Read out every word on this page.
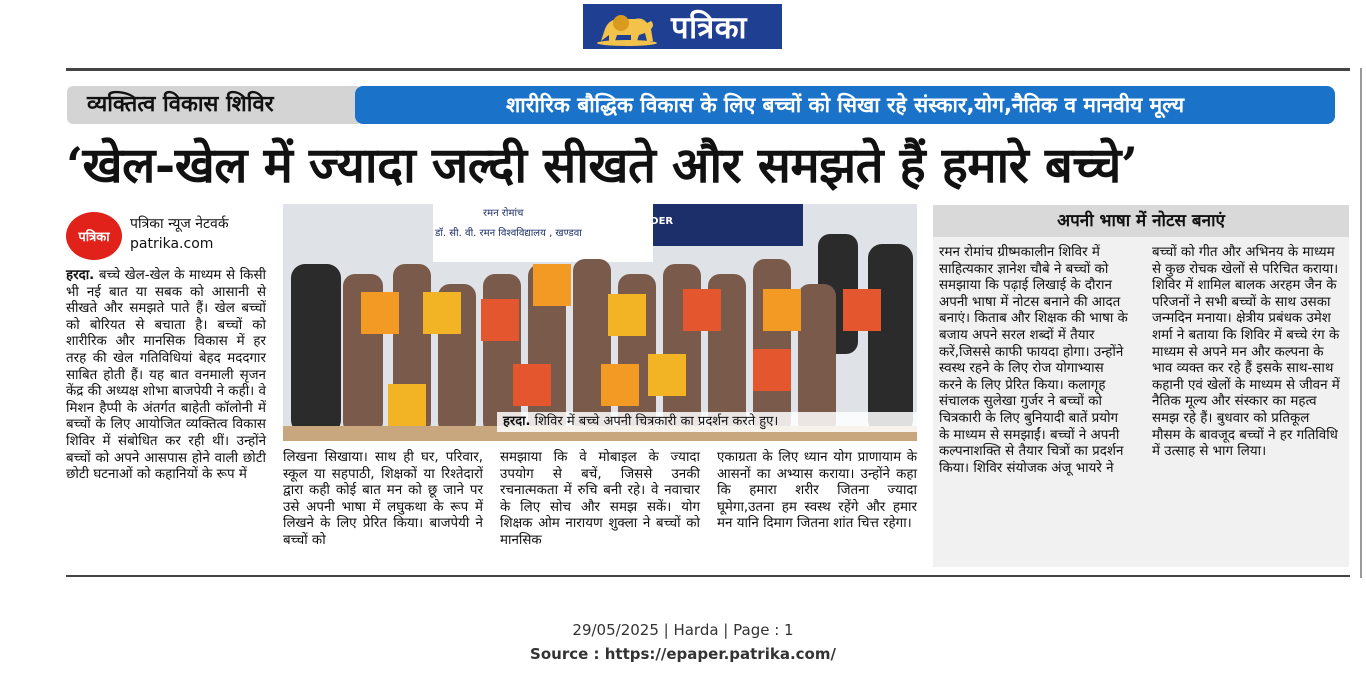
पत्रिका
व्यक्तित्व विकास शिविर	शारीरिक बौद्धिक विकास के लिए बच्चों को सिखा रहे संस्कार,योग,नैतिक व मानवीय मूल्य
‘खेल-खेल में ज्यादा जल्दी सीखते और समझते हैं हमारे बच्चे’
पत्रिका
पत्रिका न्यूज नेटवर्क
patrika.com
हरदा. बच्चे खेल-खेल के माध्यम से किसी भी नई बात या सबक को आसानी से सीखते और समझते पाते हैं। खेल बच्चों को बोरियत से बचाता है। बच्चों को शारीरिक और मानसिक विकास में हर तरह की खेल गतिविधियां बेहद मददगार साबित होती हैं। यह बात वनमाली सृजन केंद्र की अध्यक्ष शोभा बाजपेयी ने कही। वे मिशन हैप्पी के अंतर्गत बाहेती कॉलोनी में बच्चों के लिए आयोजित व्यक्तित्व विकास शिविर में संबोधित कर रही थीं। उन्होंने बच्चों को अपने आसपास होने वाली छोटी छोटी घटनाओं को कहानियों के रूप में
रमन रोमांच
डॉ. सी. वी. रमन विश्वविद्यालय , खण्डवा
SKILL KNOWLEDGE PROVIDER
V. RAMAN UNIVERSITY
हरदा. शिविर में बच्चे अपनी चित्रकारी का प्रदर्शन करते हुए।
लिखना सिखाया। साथ ही घर, परिवार, स्कूल या सहपाठी, शिक्षकों या रिश्तेदारों द्वारा कही कोई बात मन को छू जाने पर उसे अपनी भाषा में लघुकथा के रूप में लिखने के लिए प्रेरित किया। बाजपेयी ने बच्चों को
समझाया कि वे मोबाइल के ज्यादा उपयोग से बचें, जिससे उनकी रचनात्मकता में रुचि बनी रहे। वे नवाचार के लिए सोच और समझ सकें। योग शिक्षक ओम नारायण शुक्ला ने बच्चों को मानसिक
एकाग्रता के लिए ध्यान योग प्राणायाम के आसनों का अभ्यास कराया। उन्होंने कहा कि हमारा शरीर जितना ज्यादा घूमेगा,उतना हम स्वस्थ रहेंगे और हमार मन यानि दिमाग जितना शांत चित्त रहेगा।
अपनी भाषा में नोटस बनाएं
रमन रोमांच ग्रीष्मकालीन शिविर में साहित्यकार ज्ञानेश चौबे ने बच्चों को समझाया कि पढ़ाई लिखाई के दौरान अपनी भाषा में नोटस बनाने की आदत बनाएं। किताब और शिक्षक की भाषा के बजाय अपने सरल शब्दों में तैयार करें,जिससे काफी फायदा होगा। उन्होंने स्वस्थ रहने के लिए रोज योगाभ्यास करने के लिए प्रेरित किया। कलागृह संचालक सुलेखा गुर्जर ने बच्चों को चित्रकारी के लिए बुनियादी बातें प्रयोग के माध्यम से समझाईं। बच्चों ने अपनी कल्पनाशक्ति से तैयार चित्रों का प्रदर्शन किया। शिविर संयोजक अंजू भायरे ने
बच्चों को गीत और अभिनय के माध्यम से कुछ रोचक खेलों से परिचित कराया। शिविर में शामिल बालक अरहम जैन के परिजनों ने सभी बच्चों के साथ उसका जन्मदिन मनाया। क्षेत्रीय प्रबंधक उमेश शर्मा ने बताया कि शिविर में बच्चे रंग के माध्यम से अपने मन और कल्पना के भाव व्यक्त कर रहे हैं इसके साथ-साथ कहानी एवं खेलों के माध्यम से जीवन में नैतिक मूल्य और संस्कार का महत्व समझ रहे हैं। बुधवार को प्रतिकूल मौसम के बावजूद बच्चों ने हर गतिविधि में उत्साह से भाग लिया।
29/05/2025 | Harda | Page : 1
Source : https://epaper.patrika.com/
